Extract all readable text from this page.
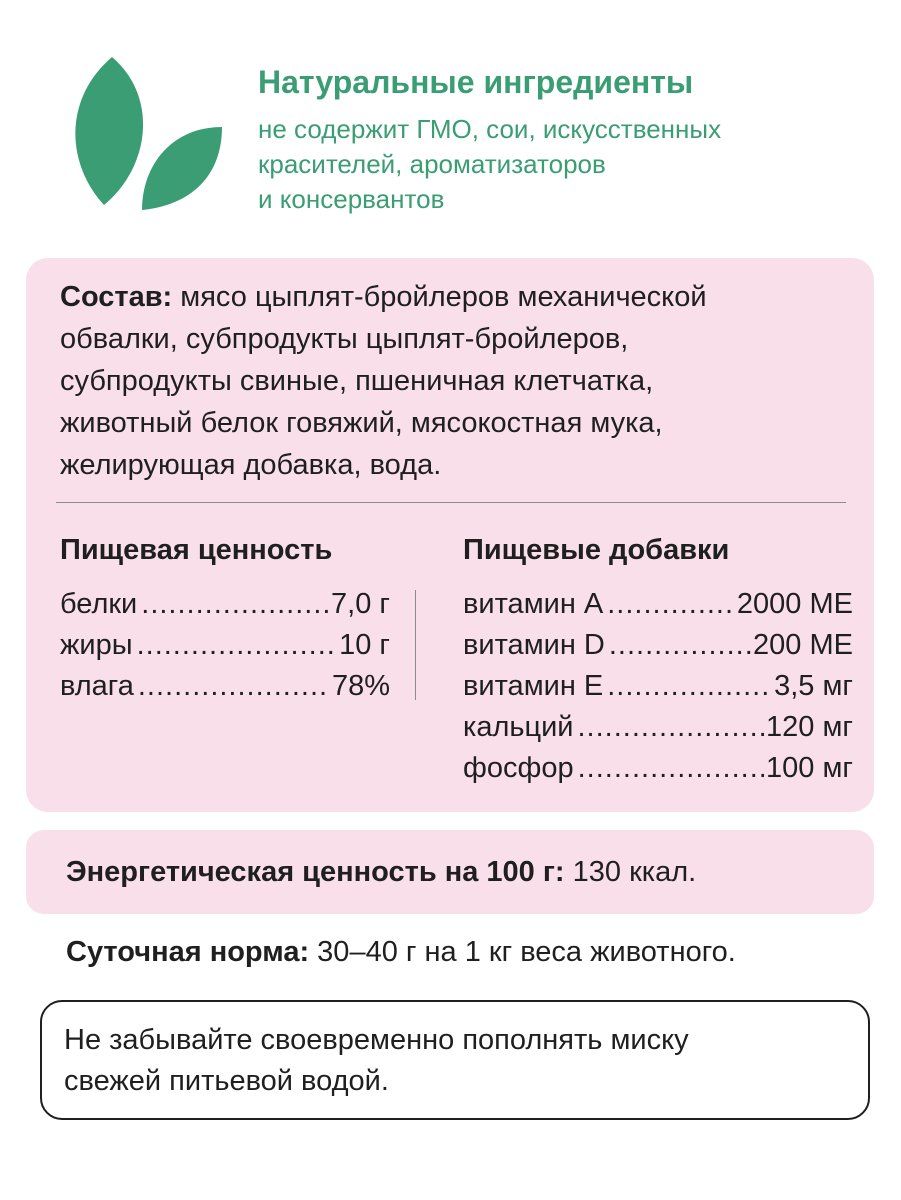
Натуральные ингредиенты
не содержит ГМО, сои, искусственных
красителей, ароматизаторов
и консервантов
Состав: мясо цыплят-бройлеров механической
обвалки, субпродукты цыплят-бройлеров,
субпродукты свиные, пшеничная клетчатка,
животный белок говяжий, мясокостная мука,
желирующая добавка, вода.
Пищевая ценность
белки .....	7,0 г
жиры .....	10 г
влага .....	78%
Пищевые добавки
витамин A .....	2000 МЕ
витамин D .....	200 МЕ
витамин E .....	3,5 мг
кальций .....	120 мг
фосфор .....	100 мг
Энергетическая ценность на 100 г: 130 ккал.
Суточная норма: 30–40 г на 1 кг веса животного.
Не забывайте своевременно пополнять миску
свежей питьевой водой.
